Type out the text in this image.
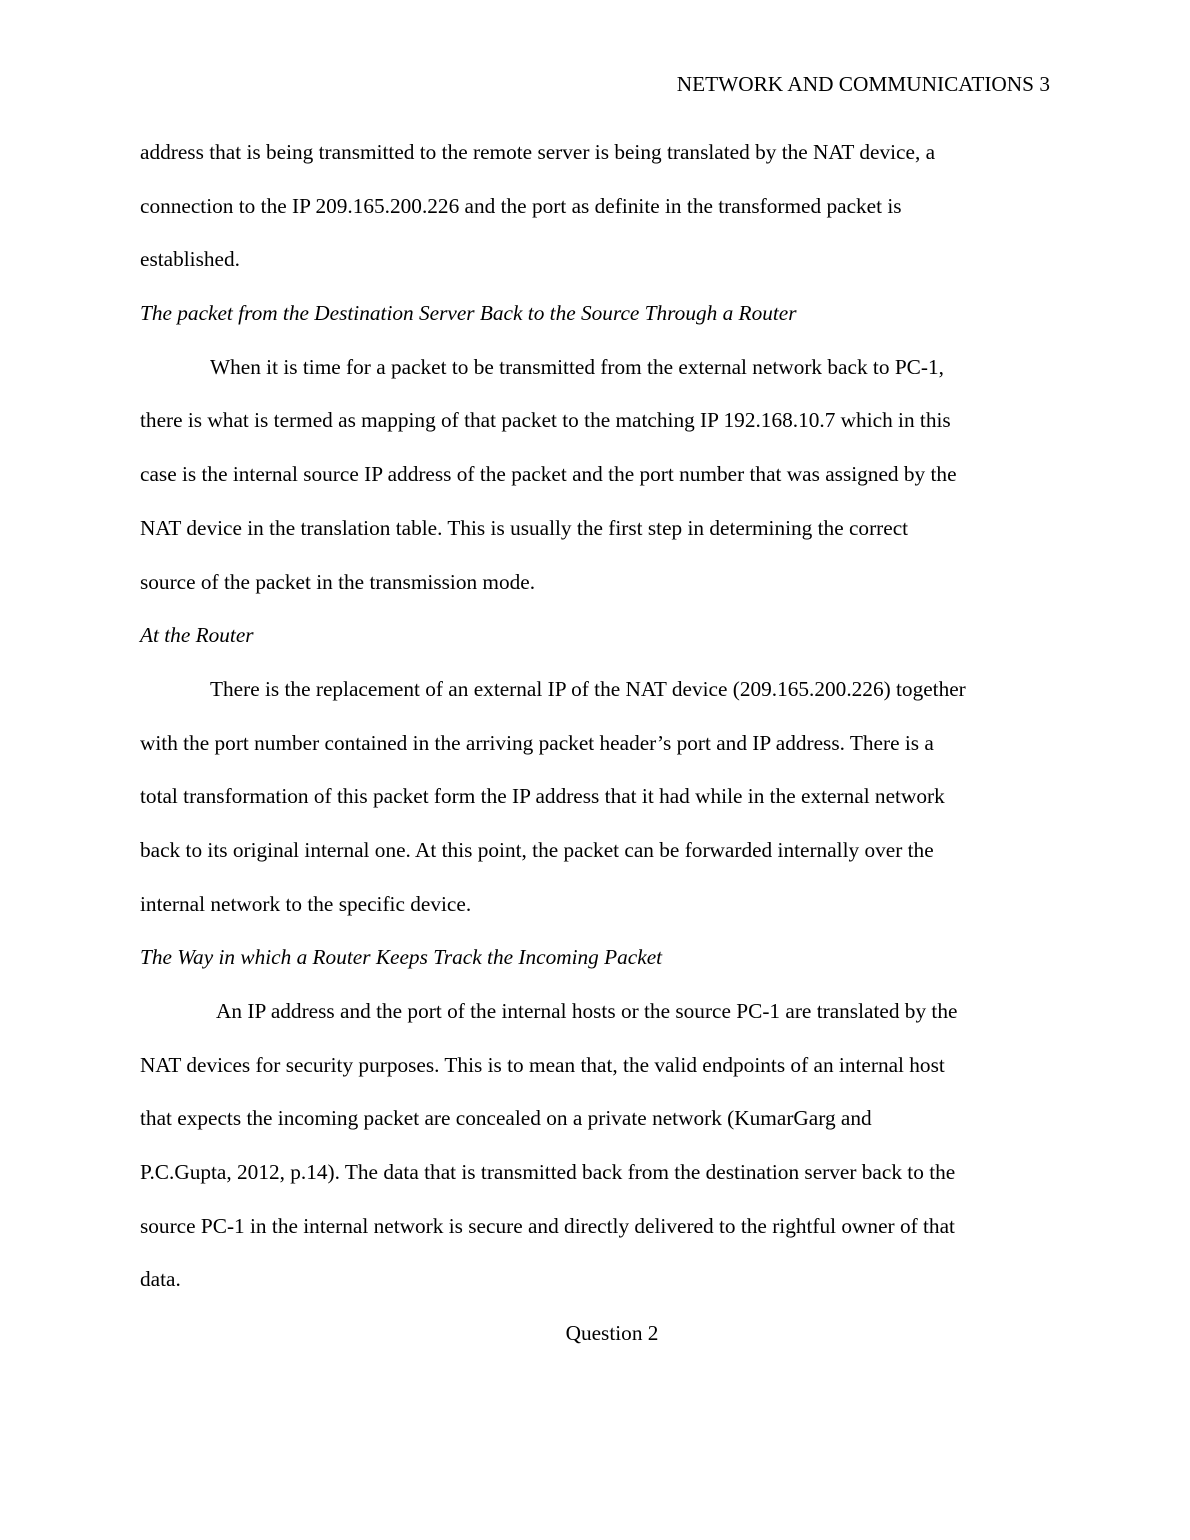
NETWORK AND COMMUNICATIONS 3
address that is being transmitted to the remote server is being translated by the NAT device, a
connection to the IP 209.165.200.226 and the port as definite in the transformed packet is
established.
The packet from the Destination Server Back to the Source Through a Router
When it is time for a packet to be transmitted from the external network back to PC-1,
there is what is termed as mapping of that packet to the matching IP 192.168.10.7 which in this
case is the internal source IP address of the packet and the port number that was assigned by the
NAT device in the translation table. This is usually the first step in determining the correct
source of the packet in the transmission mode.
At the Router
There is the replacement of an external IP of the NAT device (209.165.200.226) together
with the port number contained in the arriving packet header’s port and IP address. There is a
total transformation of this packet form the IP address that it had while in the external network
back to its original internal one. At this point, the packet can be forwarded internally over the
internal network to the specific device.
The Way in which a Router Keeps Track the Incoming Packet
An IP address and the port of the internal hosts or the source PC-1 are translated by the
NAT devices for security purposes. This is to mean that, the valid endpoints of an internal host
that expects the incoming packet are concealed on a private network (KumarGarg and
P.C.Gupta, 2012, p.14). The data that is transmitted back from the destination server back to the
source PC-1 in the internal network is secure and directly delivered to the rightful owner of that
data.
Question 2
